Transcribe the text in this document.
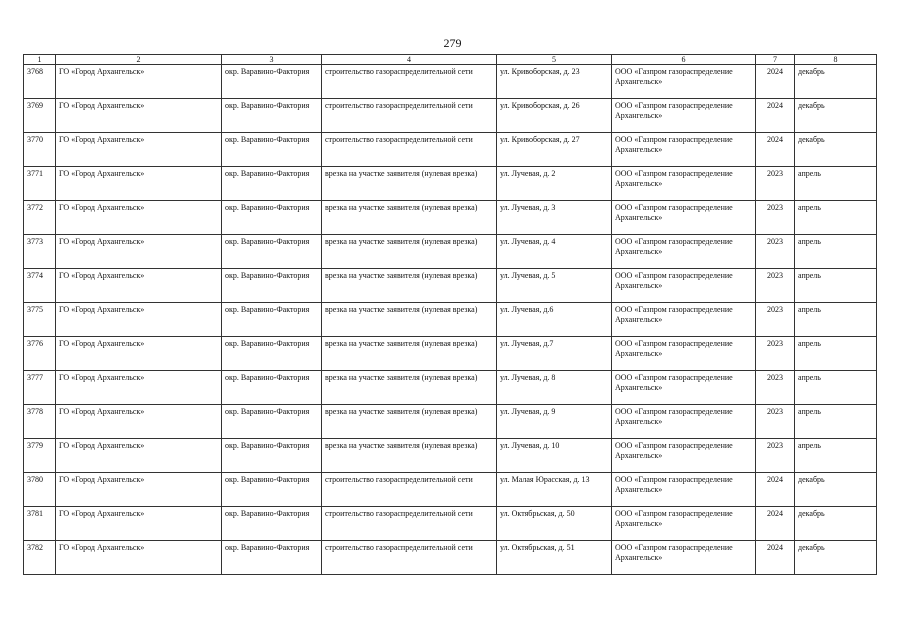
279
1	2	3	4	5	6	7	8
3768	ГО «Город Архангельск»	окр. Варавино-Фактория	строительство газораспределительной сети	ул. Кривоборская, д. 23	ООО «Газпром газораспределение Архангельск»	2024	декабрь
3769	ГО «Город Архангельск»	окр. Варавино-Фактория	строительство газораспределительной сети	ул. Кривоборская, д. 26	ООО «Газпром газораспределение Архангельск»	2024	декабрь
3770	ГО «Город Архангельск»	окр. Варавино-Фактория	строительство газораспределительной сети	ул. Кривоборская, д. 27	ООО «Газпром газораспределение Архангельск»	2024	декабрь
3771	ГО «Город Архангельск»	окр. Варавино-Фактория	врезка на участке заявителя (нулевая врезка)	ул. Лучевая, д. 2	ООО «Газпром газораспределение Архангельск»	2023	апрель
3772	ГО «Город Архангельск»	окр. Варавино-Фактория	врезка на участке заявителя (нулевая врезка)	ул. Лучевая, д. 3	ООО «Газпром газораспределение Архангельск»	2023	апрель
3773	ГО «Город Архангельск»	окр. Варавино-Фактория	врезка на участке заявителя (нулевая врезка)	ул. Лучевая, д. 4	ООО «Газпром газораспределение Архангельск»	2023	апрель
3774	ГО «Город Архангельск»	окр. Варавино-Фактория	врезка на участке заявителя (нулевая врезка)	ул. Лучевая, д. 5	ООО «Газпром газораспределение Архангельск»	2023	апрель
3775	ГО «Город Архангельск»	окр. Варавино-Фактория	врезка на участке заявителя (нулевая врезка)	ул. Лучевая, д.6	ООО «Газпром газораспределение Архангельск»	2023	апрель
3776	ГО «Город Архангельск»	окр. Варавино-Фактория	врезка на участке заявителя (нулевая врезка)	ул. Лучевая, д.7	ООО «Газпром газораспределение Архангельск»	2023	апрель
3777	ГО «Город Архангельск»	окр. Варавино-Фактория	врезка на участке заявителя (нулевая врезка)	ул. Лучевая, д. 8	ООО «Газпром газораспределение Архангельск»	2023	апрель
3778	ГО «Город Архангельск»	окр. Варавино-Фактория	врезка на участке заявителя (нулевая врезка)	ул. Лучевая, д. 9	ООО «Газпром газораспределение Архангельск»	2023	апрель
3779	ГО «Город Архангельск»	окр. Варавино-Фактория	врезка на участке заявителя (нулевая врезка)	ул. Лучевая, д. 10	ООО «Газпром газораспределение Архангельск»	2023	апрель
3780	ГО «Город Архангельск»	окр. Варавино-Фактория	строительство газораспределительной сети	ул. Малая Юрасская, д. 13	ООО «Газпром газораспределение Архангельск»	2024	декабрь
3781	ГО «Город Архангельск»	окр. Варавино-Фактория	строительство газораспределительной сети	ул. Октябрьская, д. 50	ООО «Газпром газораспределение Архангельск»	2024	декабрь
3782	ГО «Город Архангельск»	окр. Варавино-Фактория	строительство газораспределительной сети	ул. Октябрьская, д. 51	ООО «Газпром газораспределение Архангельск»	2024	декабрь
